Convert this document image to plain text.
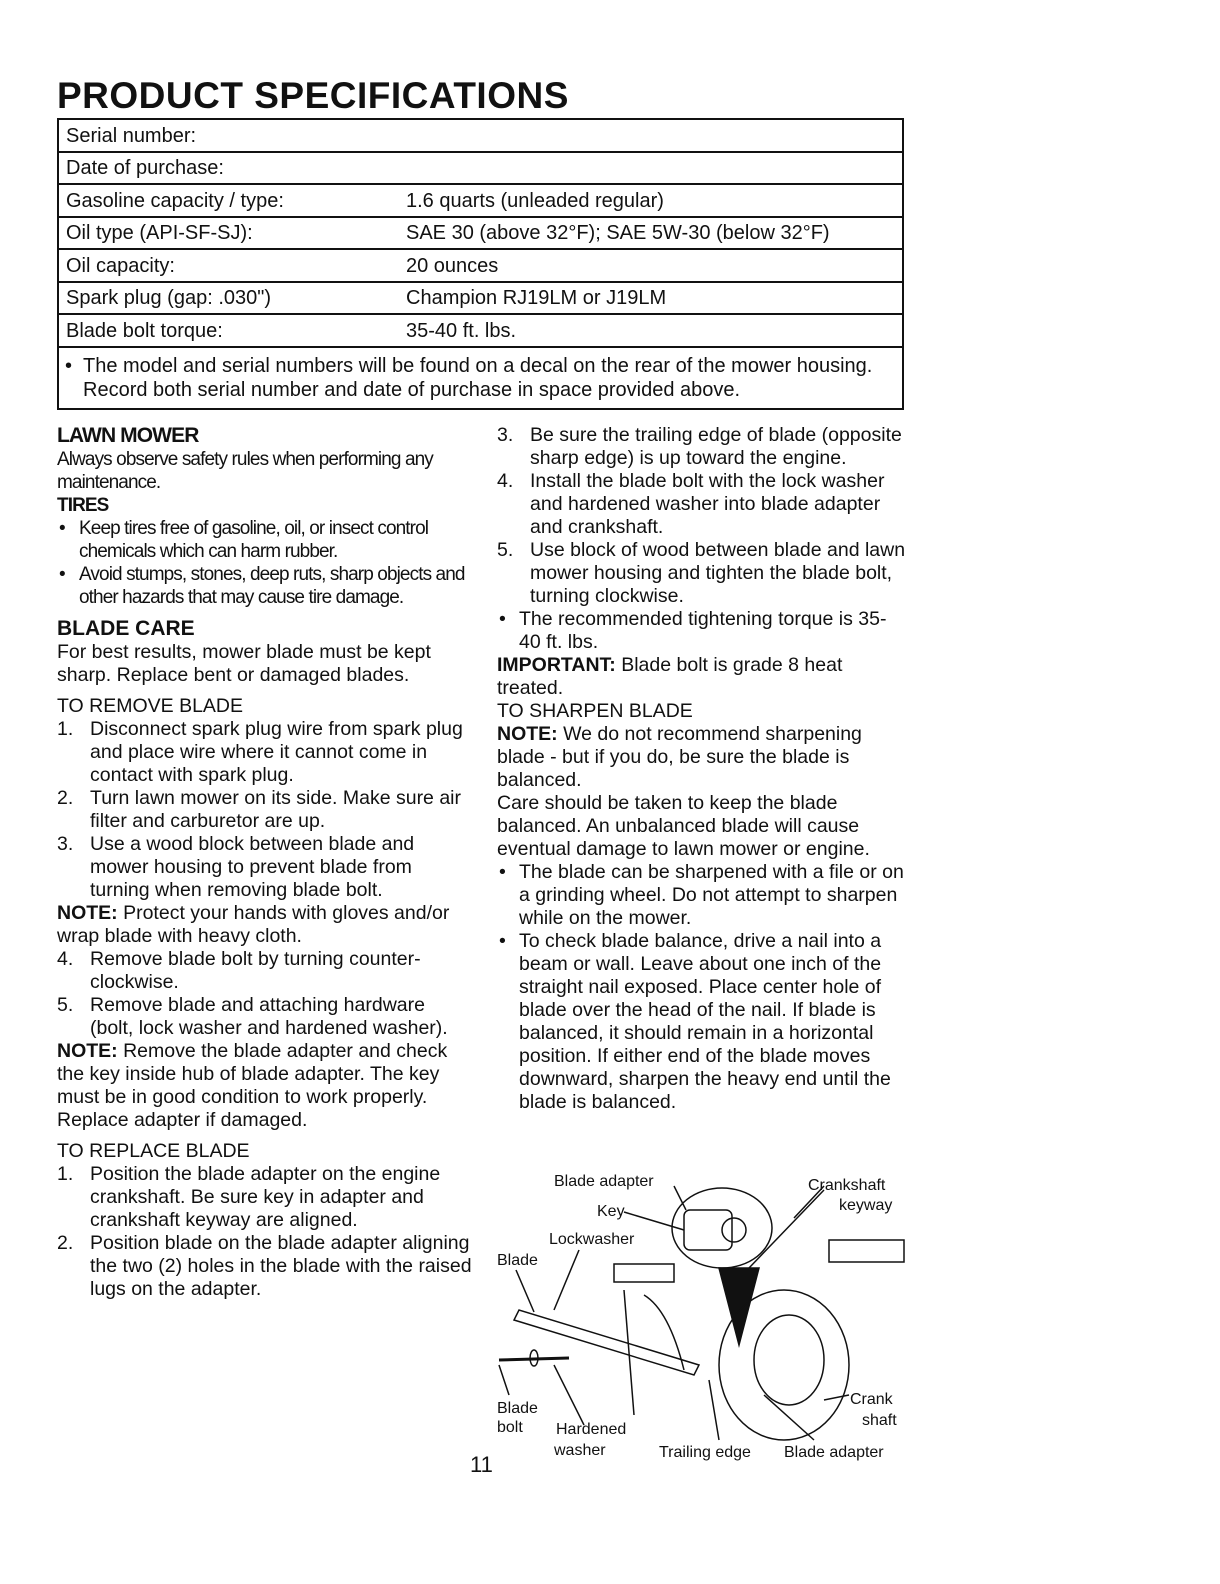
PRODUCT SPECIFICATIONS
Serial number:
Date of purchase:
Gasoline capacity / type:	1.6 quarts (unleaded regular)
Oil type (API-SF-SJ):	SAE 30 (above 32°F); SAE 5W-30 (below 32°F)
Oil capacity:	20 ounces
Spark plug (gap: .030")	Champion RJ19LM or J19LM
Blade bolt torque:	35-40 ft. lbs.
• The model and serial numbers will be found on a decal on the rear of the mower housing. Record both serial number and date of purchase in space provided above.
LAWN MOWER

Always observe safety rules when performing any maintenance.

TIRES
• Keep tires free of gasoline, oil, or insect control chemicals which can harm rubber.
• Avoid stumps, stones, deep ruts, sharp objects and other hazards that may cause tire damage.
BLADE CARE

For best results, mower blade must be kept sharp. Replace bent or damaged blades.

TO REMOVE BLADE

1. Disconnect spark plug wire from spark plug and place wire where it cannot come in contact with spark plug.
2. Turn lawn mower on its side. Make sure air filter and carburetor are up.
3. Use a wood block between blade and mower housing to prevent blade from turning when removing blade bolt.

NOTE: Protect your hands with gloves and/or wrap blade with heavy cloth.

4. Remove blade bolt by turning counter-clockwise.
5. Remove blade and attaching hardware (bolt, lock washer and hardened washer).

NOTE: Remove the blade adapter and check the key inside hub of blade adapter. The key must be in good condition to work properly. Replace adapter if damaged.

TO REPLACE BLADE

1. Position the blade adapter on the engine crankshaft. Be sure key in adapter and crankshaft keyway are aligned.
2. Position blade on the blade adapter aligning the two (2) holes in the blade with the raised lugs on the adapter.
3. Be sure the trailing edge of blade (opposite sharp edge) is up toward the engine.
4. Install the blade bolt with the lock washer and hardened washer into blade adapter and crankshaft.
5. Use block of wood between blade and lawn mower housing and tighten the blade bolt, turning clockwise.
• The recommended tightening torque is 35-40 ft. lbs.

IMPORTANT: Blade bolt is grade 8 heat treated.

TO SHARPEN BLADE

NOTE: We do not recommend sharpening blade - but if you do, be sure the blade is balanced.

Care should be taken to keep the blade balanced. An unbalanced blade will cause eventual damage to lawn mower or engine.

• The blade can be sharpened with a file or on a grinding wheel. Do not attempt to sharpen while on the mower.
• To check blade balance, drive a nail into a beam or wall. Leave about one inch of the straight nail exposed. Place center hole of blade over the head of the nail. If blade is balanced, it should remain in a horizontal position. If either end of the blade moves downward, sharpen the heavy end until the blade is balanced.
Blade adapter
Key
Crankshaft
keyway
Lockwasher
Blade
Blade
bolt Hardened
washer	Trailing edge Blade adapter
Crank
shaft
11
